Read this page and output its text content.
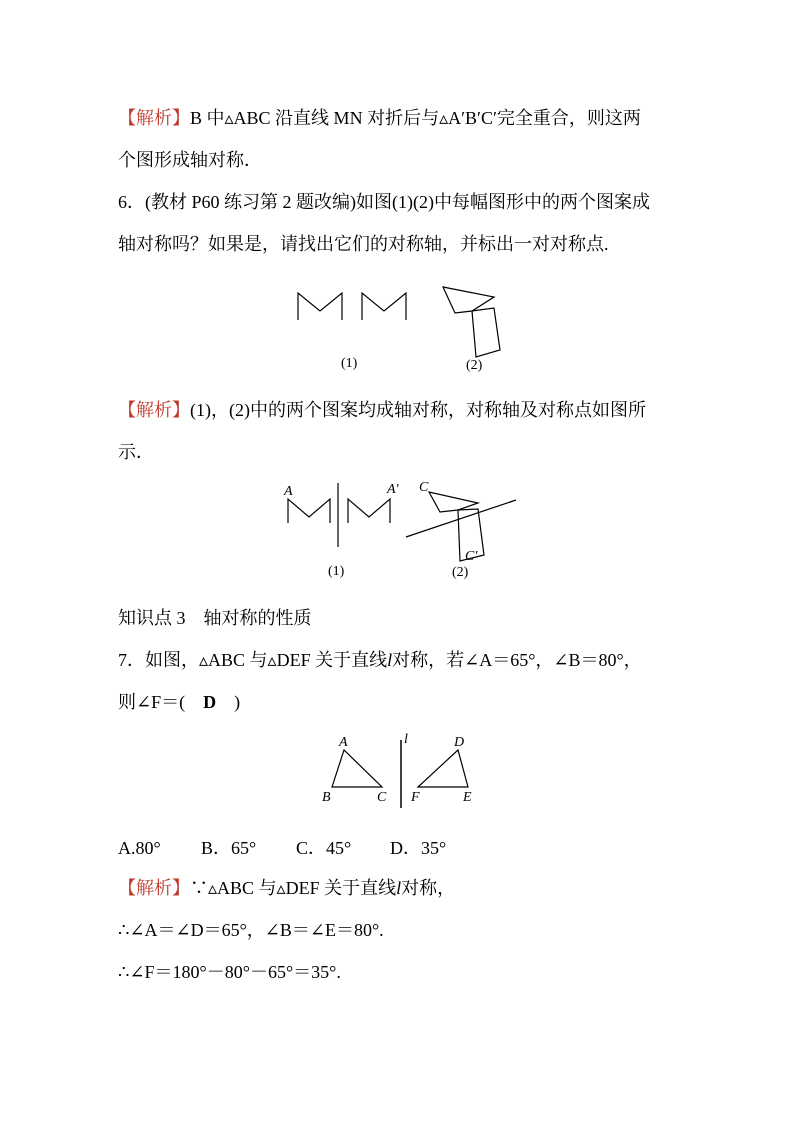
【解析】B 中▵ABC 沿直线 MN 对折后与▵A′B′C′完全重合，则这两
个图形成轴对称．
6．(教材 P60 练习第 2 题改编)如图(1)(2)中每幅图形中的两个图案成
轴对称吗？如果是，请找出它们的对称轴，并标出一对对称点.
(1)	(2)
【解析】(1)，(2)中的两个图案均成轴对称，对称轴及对称点如图所
示．
A	A′ C
C′
(1)	(2)
知识点 3　轴对称的性质
7．如图，▵ABC 与▵DEF 关于直线l对称，若∠A＝65°，∠B＝80°，
则∠F＝(　D　)
A
B	C
l	D
F	E
A.80° B．65° C．45° D．35°
【解析】∵▵ABC 与▵DEF 关于直线l对称，
∴∠A＝∠D＝65°，∠B＝∠E＝80°.
∴∠F＝180°－80°－65°＝35°.
